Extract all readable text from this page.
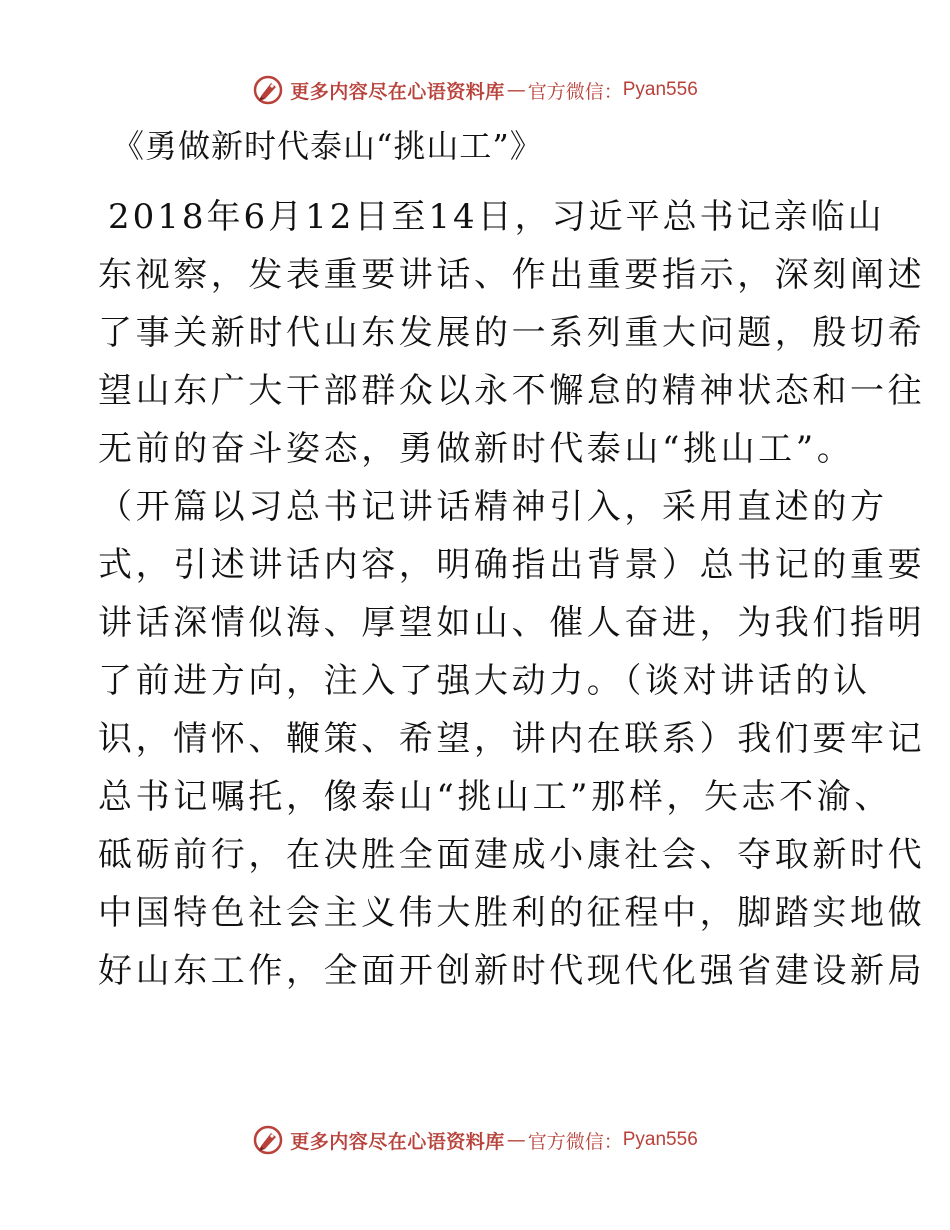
更多内容尽在心语资料库 — 官方微信： Pyan556
《勇做新时代泰山“挑山工”》
2018年6月12日至14日，习近平总书记亲临山
东视察，发表重要讲话、作出重要指示，深刻阐述
了事关新时代山东发展的一系列重大问题，殷切希
望山东广大干部群众以永不懈怠的精神状态和一往
无前的奋斗姿态，勇做新时代泰山“挑山工”。
（开篇以习总书记讲话精神引入，采用直述的方
式，引述讲话内容，明确指出背景）总书记的重要
讲话深情似海、厚望如山、催人奋进，为我们指明
了前进方向，注入了强大动力。（谈对讲话的认
识，情怀、鞭策、希望，讲内在联系）我们要牢记
总书记嘱托，像泰山“挑山工”那样，矢志不渝、
砥砺前行，在决胜全面建成小康社会、夺取新时代
中国特色社会主义伟大胜利的征程中，脚踏实地做
好山东工作，全面开创新时代现代化强省建设新局
更多内容尽在心语资料库 — 官方微信： Pyan556
